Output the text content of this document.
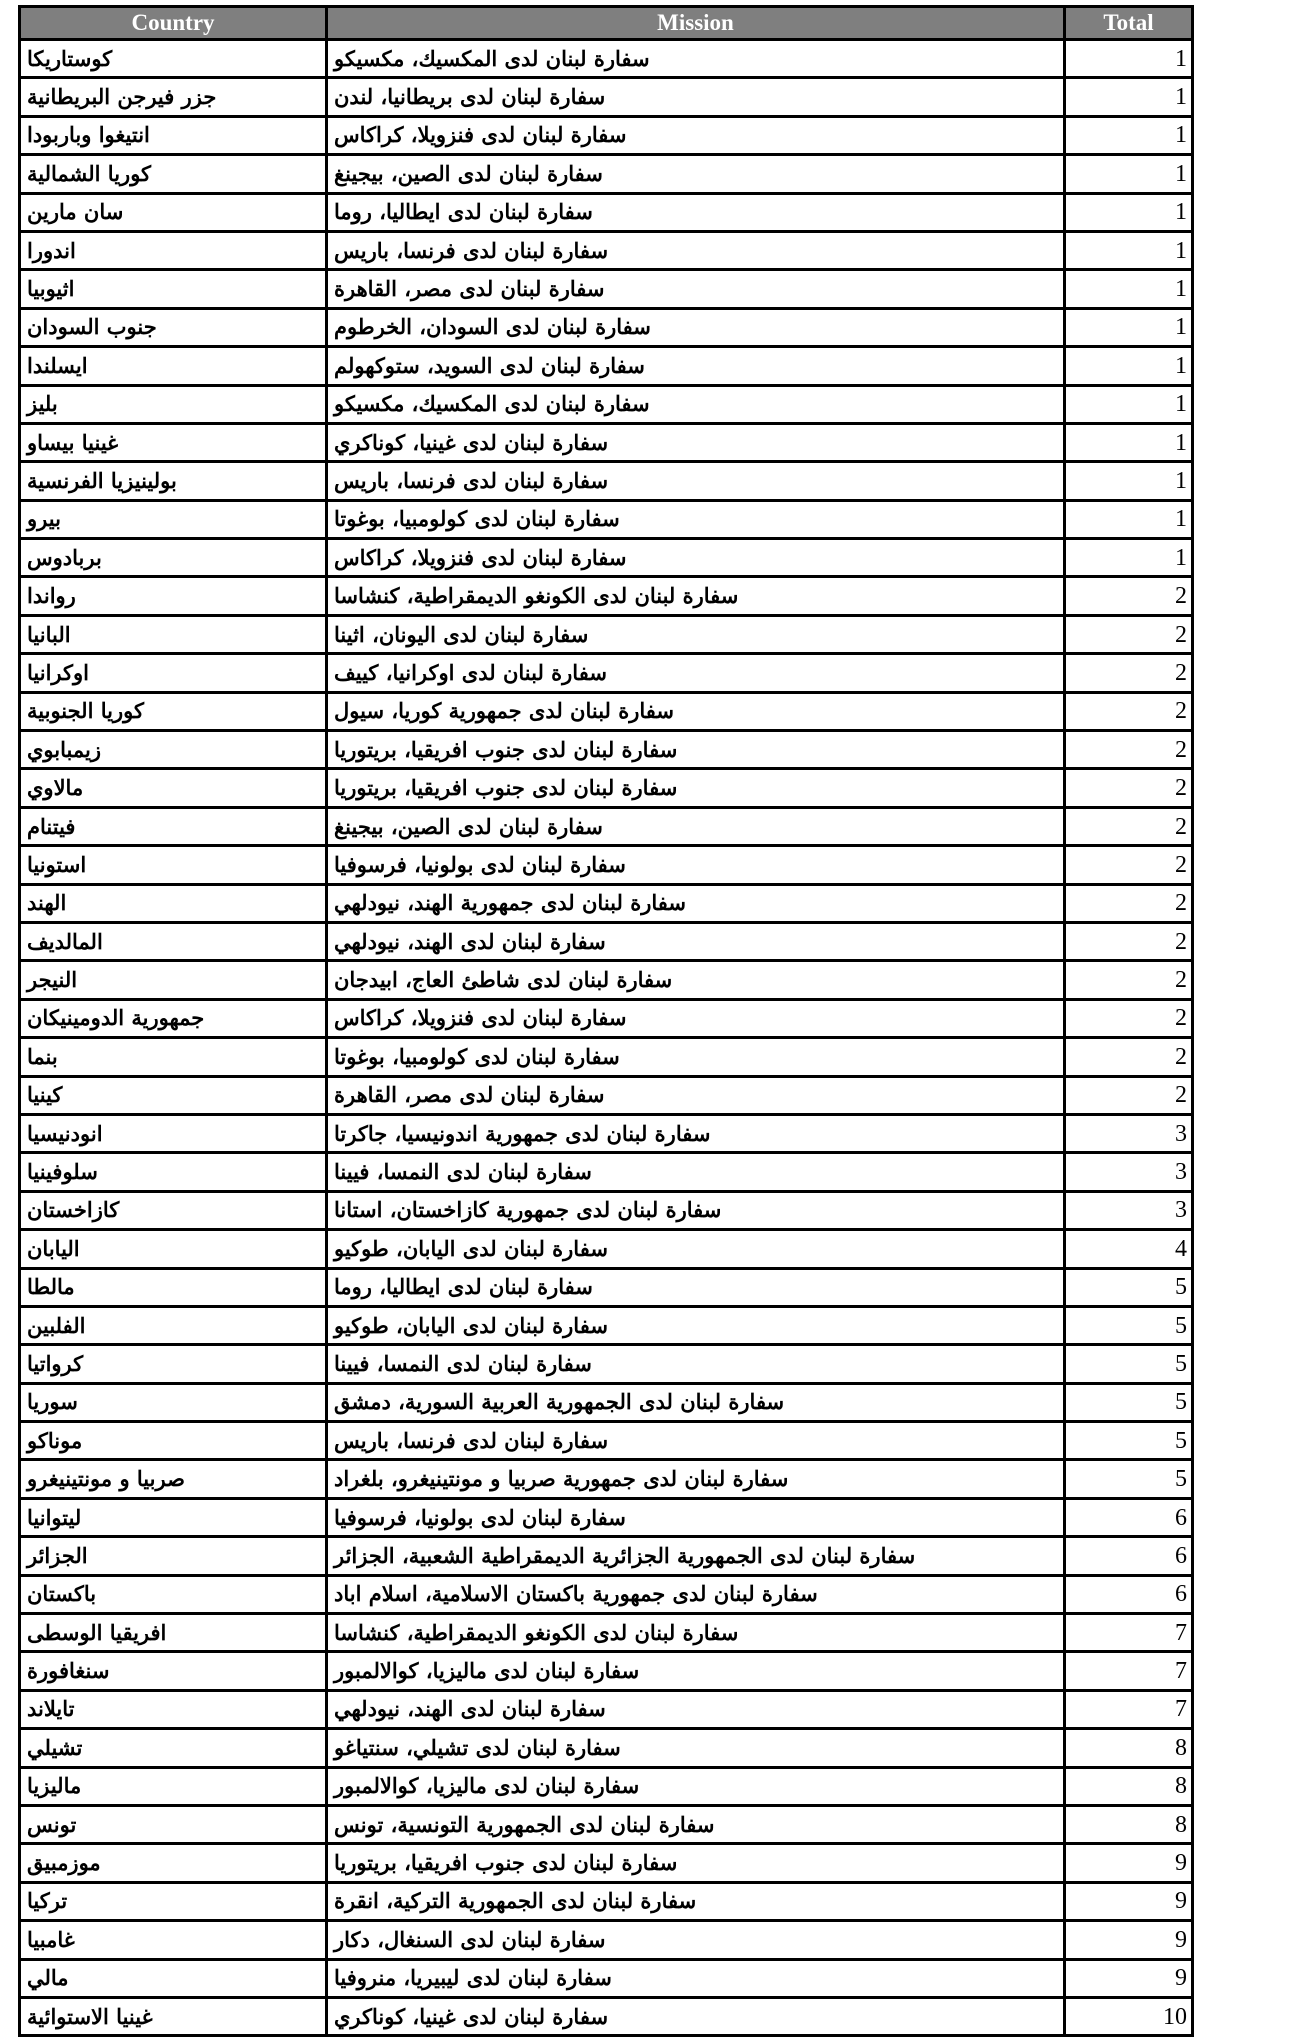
Country	Mission	Total
كوستاريكا	سفارة لبنان لدى المكسيك، مكسيكو	1
جزر فيرجن البريطانية	سفارة لبنان لدى بريطانيا، لندن	1
انتيغوا وباربودا	سفارة لبنان لدى فنزويلا، كراكاس	1
كوريا الشمالية	سفارة لبنان لدى الصين، بيجينغ	1
سان مارين	سفارة لبنان لدى ايطاليا، روما	1
اندورا	سفارة لبنان لدى فرنسا، باريس	1
اثيوبيا	سفارة لبنان لدى مصر، القاهرة	1
جنوب السودان	سفارة لبنان لدى السودان، الخرطوم	1
ايسلندا	سفارة لبنان لدى السويد، ستوكهولم	1
بليز	سفارة لبنان لدى المكسيك، مكسيكو	1
غينيا بيساو	سفارة لبنان لدى غينيا، كوناكري	1
بولينيزيا الفرنسية	سفارة لبنان لدى فرنسا، باريس	1
بيرو	سفارة لبنان لدى كولومبيا، بوغوتا	1
بربادوس	سفارة لبنان لدى فنزويلا، كراكاس	1
رواندا	سفارة لبنان لدى الكونغو الديمقراطية، كنشاسا	2
البانيا	سفارة لبنان لدى اليونان، اثينا	2
اوكرانيا	سفارة لبنان لدى اوكرانيا، كييف	2
كوريا الجنوبية	سفارة لبنان لدى جمهورية كوريا، سيول	2
زيمبابوي	سفارة لبنان لدى جنوب افريقيا، بريتوريا	2
مالاوي	سفارة لبنان لدى جنوب افريقيا، بريتوريا	2
فيتنام	سفارة لبنان لدى الصين، بيجينغ	2
استونيا	سفارة لبنان لدى بولونيا، فرسوفيا	2
الهند	سفارة لبنان لدى جمهورية الهند، نيودلهي	2
المالديف	سفارة لبنان لدى الهند، نيودلهي	2
النيجر	سفارة لبنان لدى شاطئ العاج، ابيدجان	2
جمهورية الدومينيكان	سفارة لبنان لدى فنزويلا، كراكاس	2
بنما	سفارة لبنان لدى كولومبيا، بوغوتا	2
كينيا	سفارة لبنان لدى مصر، القاهرة	2
انودنيسيا	سفارة لبنان لدى جمهورية اندونيسيا، جاكرتا	3
سلوفينيا	سفارة لبنان لدى النمسا، فيينا	3
كازاخستان	سفارة لبنان لدى جمهورية كازاخستان، استانا	3
اليابان	سفارة لبنان لدى اليابان، طوكيو	4
مالطا	سفارة لبنان لدى ايطاليا، روما	5
الفلبين	سفارة لبنان لدى اليابان، طوكيو	5
كرواتيا	سفارة لبنان لدى النمسا، فيينا	5
سوريا	سفارة لبنان لدى الجمهورية العربية السورية، دمشق	5
موناكو	سفارة لبنان لدى فرنسا، باريس	5
صربيا و مونتينيغرو	سفارة لبنان لدى جمهورية صربيا و مونتينيغرو، بلغراد	5
ليتوانيا	سفارة لبنان لدى بولونيا، فرسوفيا	6
الجزائر	سفارة لبنان لدى الجمهورية الجزائرية الديمقراطية الشعبية، الجزائر	6
باكستان	سفارة لبنان لدى جمهورية باكستان الاسلامية، اسلام اباد	6
افريقيا الوسطى	سفارة لبنان لدى الكونغو الديمقراطية، كنشاسا	7
سنغافورة	سفارة لبنان لدى ماليزيا، كوالالمبور	7
تايلاند	سفارة لبنان لدى الهند، نيودلهي	7
تشيلي	سفارة لبنان لدى تشيلي، سنتياغو	8
ماليزيا	سفارة لبنان لدى ماليزيا، كوالالمبور	8
تونس	سفارة لبنان لدى الجمهورية التونسية، تونس	8
موزمبيق	سفارة لبنان لدى جنوب افريقيا، بريتوريا	9
تركيا	سفارة لبنان لدى الجمهورية التركية، انقرة	9
غامبيا	سفارة لبنان لدى السنغال، دكار	9
مالي	سفارة لبنان لدى ليبيريا، منروفيا	9
غينيا الاستوائية	سفارة لبنان لدى غينيا، كوناكري	10
